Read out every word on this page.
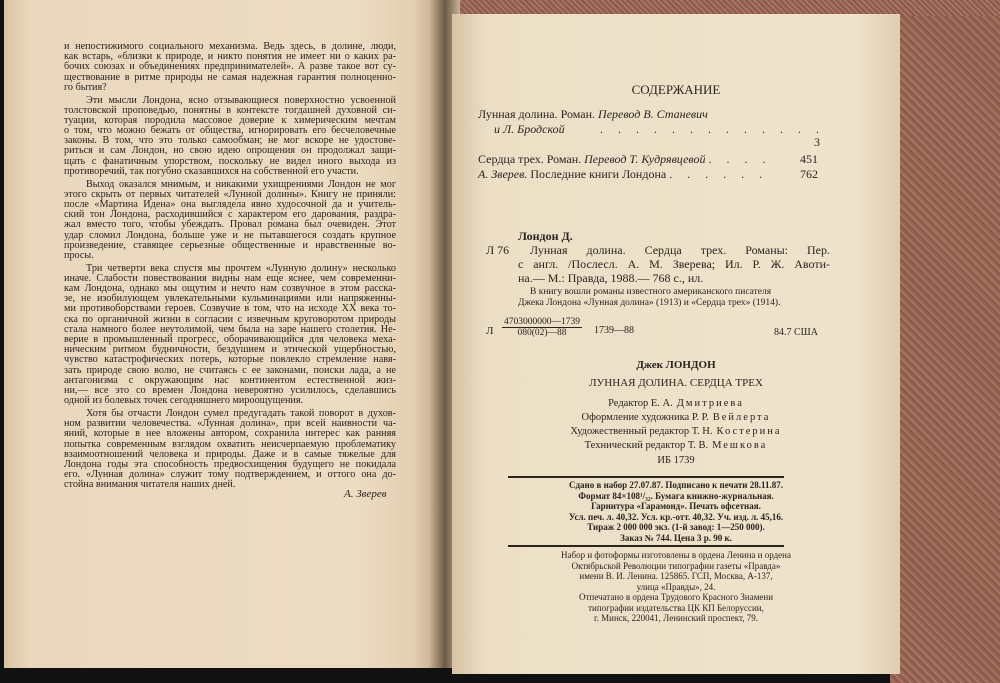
и непостижимого социального механизма. Ведь здесь, в долине, люди,
как встарь, «близки к природе, и никто понятия не имеет ни о каких ра-
бочих союзах и объединениях предпринимателей». А разве такое вот су-
ществование в ритме природы не самая надежная гарантия полноценно-
го бытия?
Эти мысли Лондона, ясно отзывающиеся поверхностно усвоенной
толстовской проповедью, понятны в контексте тогдашней духовной си-
туации, которая породила массовое доверие к химерическим мечтам
о том, что можно бежать от общества, игнорировать его бесчеловечные
законы. В том, что это только самообман; не мог вскоре не удостове-
риться и сам Лондон, но свою идею опрощения он продолжал защи-
щать с фанатичным упорством, поскольку не видел иного выхода из
противоречий, так погубно сказавшихся на собственной его участи.
Выход оказался мнимым, и никакими ухищрениями Лондон не мог
этого скрыть от первых читателей «Лунной долины». Книгу не приняли:
после «Мартина Идена» она выглядела явно худосочной да и учитель-
ский тон Лондона, расходившийся с характером его дарования, раздра-
жал вместо того, чтобы убеждать. Провал романа был очевиден. Этот
удар сломил Лондона, больше уже и не пытавшегося создать крупное
произведение, ставящее серьезные общественные и нравственные во-
просы.
Три четверти века спустя мы прочтем «Лунную долину» несколько
иначе. Слабости повествования видны нам еще яснее, чем современни-
кам Лондона, однако мы ощутим и нечто нам созвучное в этом расска-
зе, не изобилующем увлекательными кульминациями или напряженны-
ми противоборствами героев. Созвучие в том, что на исходе XX века то-
ска по органичной жизни в согласии с извечным круговоротом природы
стала намного более неутолимой, чем была на заре нашего столетия. Не-
верие в промышленный прогресс, оборачивающийся для человека меха-
ническим ритмом будничности, бездушием и этической ущербностью,
чувство катастрофических потерь, которые повлекло стремление навя-
зать природе свою волю, не считаясь с ее законами, поиски лада, а не
антагонизма с окружающим нас континентом естественной жиз-
ни,— все это со времен Лондона невероятно усилилось, сделавшись
одной из болевых точек сегодняшнего мироощущения.
Хотя бы отчасти Лондон сумел предугадать такой поворот в духов-
ном развитии человечества. «Лунная долина», при всей наивности ча-
яний, которые в нее вложены автором, сохранила интерес как ранняя
попытка современным взглядом охватить неисчерпаемую проблематику
взаимоотношений человека и природы. Даже и в самые тяжелые для
Лондона годы эта способность предвосхищения будущего не покидала
его. «Лунная долина» служит тому подтверждением, и оттого она до-
стойна внимания читателя наших дней.
А. Зверев
СОДЕРЖАНИЕ
Лунная долина. Роман. Перевод В. Станевич
и Л. Бродской	. . . . . . . . . . . . .
3
Сердца трех. Роман. Перевод Т. Кудрявцевой . . . . 451
А. Зверев. Последние книги Лондона . . . . . .	762
Лондон Д.
Л 76	Лунная долина. Сердца трех. Романы: Пер.
с англ. /Послесл. А. М. Зверева; Ил. Р. Ж. Авоти-
на.— М.: Правда, 1988.— 768 с., ил.
В книгу вошли романы известного американского писателя
Джека Лондона «Лунная долина» (1913) и «Сердца трех» (1914).
Л $\frac{4703000000—1739}{080(02)—88}$ 1739—88	84.7 США
Джек ЛОНДОН
ЛУННАЯ ДОЛИНА. СЕРДЦА ТРЕХ
Редактор Е. А. Дмитриева
Оформление художника Р. Р. Вейлерта
Художественный редактор Т. Н. Костерина
Технический редактор Т. В. Мешкова
ИБ 1739
Сдано в набор 27.07.87. Подписано к печати 28.11.87.
Формат 84×108¹/₃₂. Бумага книжно-журнальная.
Гарнитура «Гарамонд». Печать офсетная.
Усл. печ. л. 40,32. Усл. кр.-отт. 40,32. Уч. изд. л. 45,16.
Тираж 2 000 000 экз. (1-й завод: 1—250 000).
Заказ № 744. Цена 3 р. 90 к.
Набор и фотоформы изготовлены в ордена Ленина и ордена
Октябрьской Революции типографии газеты «Правда»
имени В. И. Ленина. 125865. ГСП, Москва, А-137,
улица «Правды», 24.
Отпечатано в ордена Трудового Красного Знамени
типографии издательства ЦК КП Белоруссии,
г. Минск, 220041, Ленинский проспект, 79.
